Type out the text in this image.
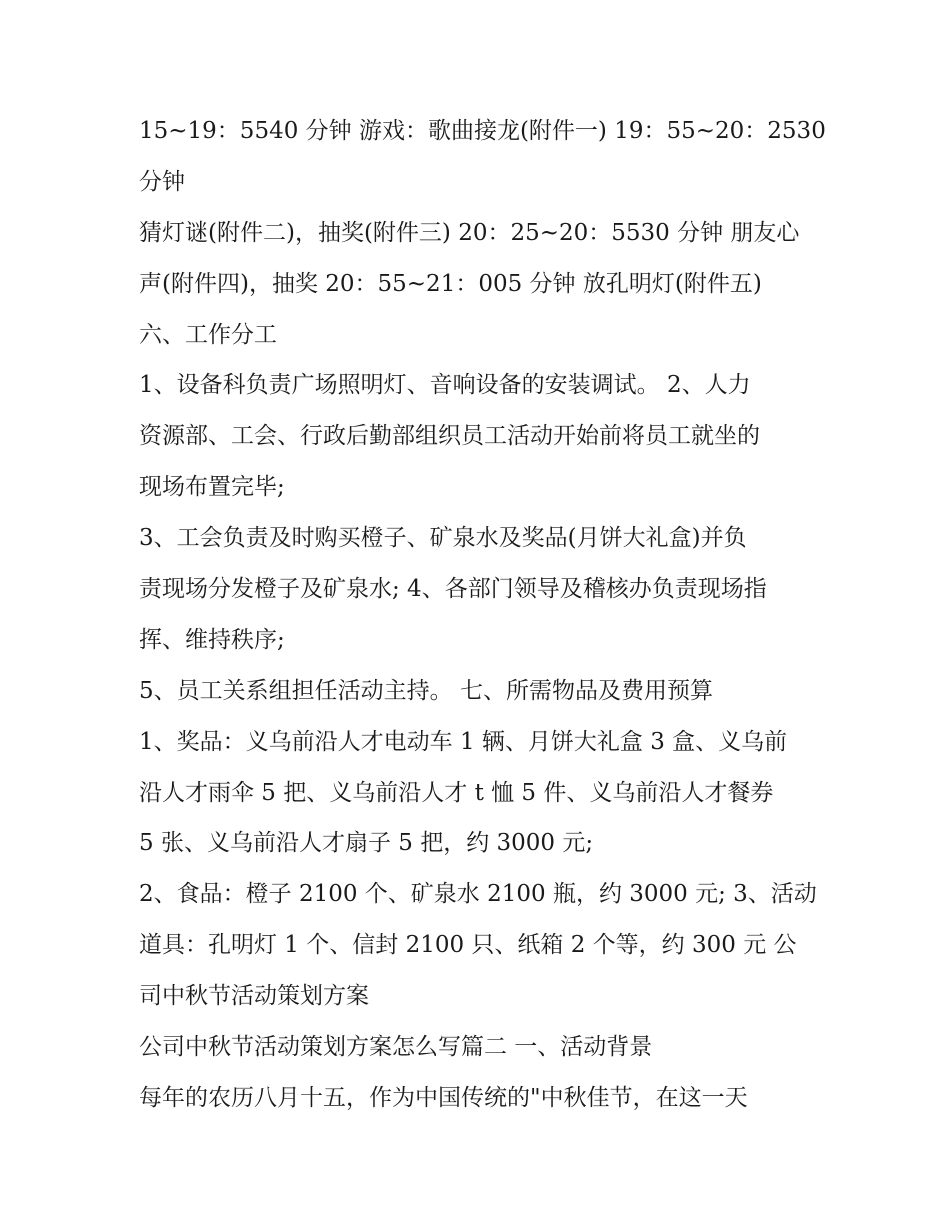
15~19：5540 分钟 游戏：歌曲接龙(附件一) 19：55~20：2530
分钟
猜灯谜(附件二)，抽奖(附件三) 20：25~20：5530 分钟 朋友心
声(附件四)，抽奖 20：55~21：005 分钟 放孔明灯(附件五)
六、工作分工
1、设备科负责广场照明灯、音响设备的安装调试。 2、人力
资源部、工会、行政后勤部组织员工活动开始前将员工就坐的
现场布置完毕;
3、工会负责及时购买橙子、矿泉水及奖品(月饼大礼盒)并负
责现场分发橙子及矿泉水; 4、各部门领导及稽核办负责现场指
挥、维持秩序;
5、员工关系组担任活动主持。 七、所需物品及费用预算
1、奖品：义乌前沿人才电动车 1 辆、月饼大礼盒 3 盒、义乌前
沿人才雨伞 5 把、义乌前沿人才 t 恤 5 件、义乌前沿人才餐券
5 张、义乌前沿人才扇子 5 把，约 3000 元;
2、食品：橙子 2100 个、矿泉水 2100 瓶，约 3000 元; 3、活动
道具：孔明灯 1 个、信封 2100 只、纸箱 2 个等，约 300 元 公
司中秋节活动策划方案
公司中秋节活动策划方案怎么写篇二 一、活动背景
每年的农历八月十五，作为中国传统的"中秋佳节，在这一天
